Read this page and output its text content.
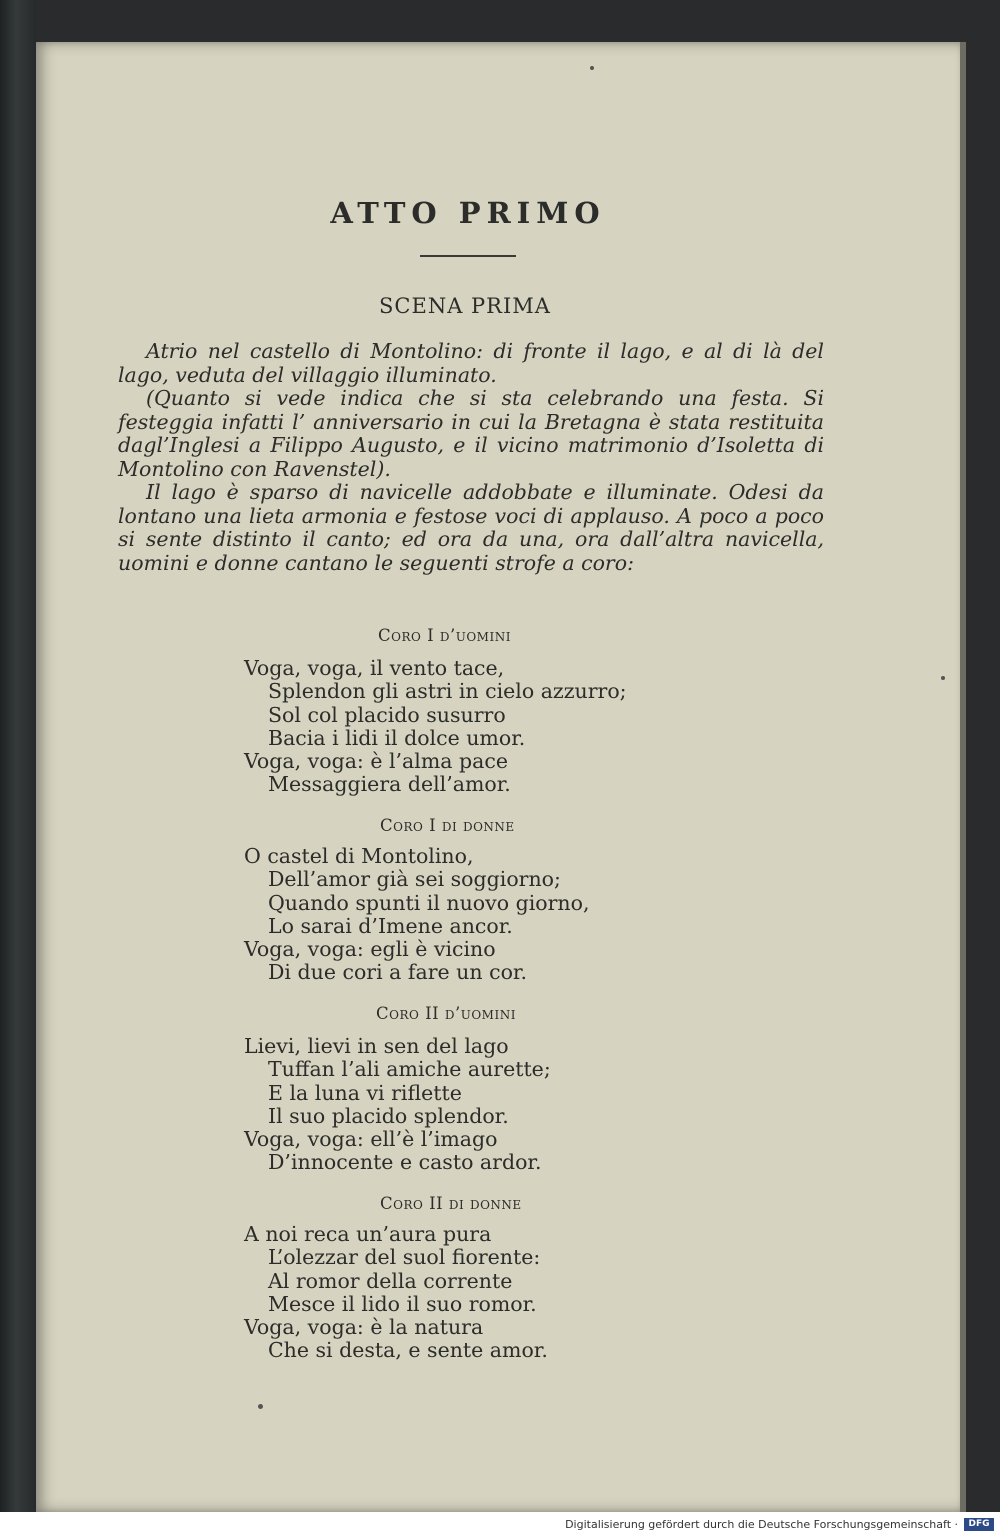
ATTO PRIMO
SCENA PRIMA

Atrio nel castello di Montolino: di fronte il lago, e al di là del lago, veduta del villaggio illuminato.

(Quanto si vede indica che si sta celebrando una festa. Si festeggia infatti l’ anniversario in cui la Bretagna è stata restituita dagl’Inglesi a Filippo Augusto, e il vicino matrimonio d’Isoletta di Montolino con Ravenstel).

Il lago è sparso di navicelle addobbate e illuminate. Odesi da lontano una lieta armonia e festose voci di applauso. A poco a poco si sente distinto il canto; ed ora da una, ora dall’altra navicella, uomini e donne cantano le seguenti strofe a coro:

Coro I d’uomini
Voga, voga, il vento tace,
Splendon gli astri in cielo azzurro;
Sol col placido susurro
Bacia i lidi il dolce umor.
Voga, voga: è l’alma pace
Messaggiera dell’amor.
Coro I di donne
O castel di Montolino,
Dell’amor già sei soggiorno;
Quando spunti il nuovo giorno,
Lo sarai d’Imene ancor.
Voga, voga: egli è vicino
Di due cori a fare un cor.
Coro II d’uomini
Lievi, lievi in sen del lago
Tuffan l’ali amiche aurette;
E la luna vi riflette
Il suo placido splendor.
Voga, voga: ell’è l’imago
D’innocente e casto ardor.
Coro II di donne
A noi reca un’aura pura
L’olezzar del suol fiorente:
Al romor della corrente
Mesce il lido il suo romor.
Voga, voga: è la natura
Che si desta, e sente amor.
Digitalisierung gefördert durch die Deutsche Forschungsgemeinschaft ·	DFG
